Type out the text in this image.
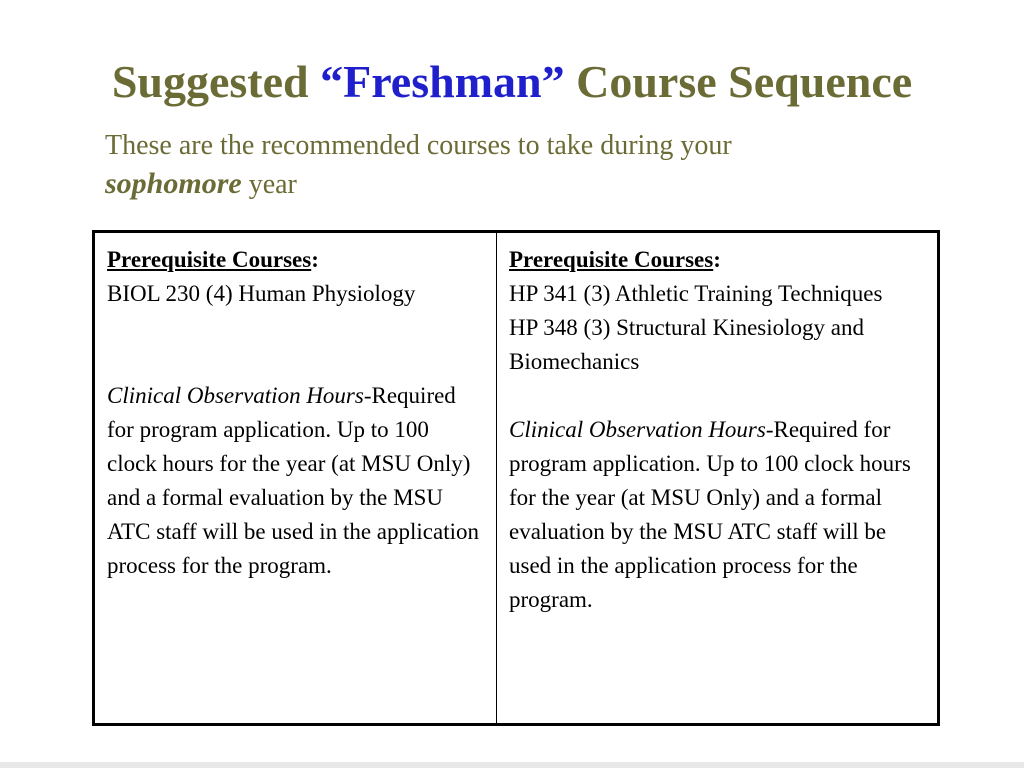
Suggested “Freshman” Course Sequence
These are the recommended courses to take during your
sophomore year
Prerequisite Courses:
BIOL 230 (4) Human Physiology
Clinical Observation Hours-Required for program application. Up to 100 clock hours for the year (at MSU Only) and a formal evaluation by the MSU ATC staff will be used in the application process for the program.
Prerequisite Courses:
HP 341 (3) Athletic Training Techniques
HP 348 (3) Structural Kinesiology and Biomechanics
Clinical Observation Hours-Required for program application. Up to 100 clock hours for the year (at MSU Only) and a formal evaluation by the MSU ATC staff will be used in the application process for the program.
